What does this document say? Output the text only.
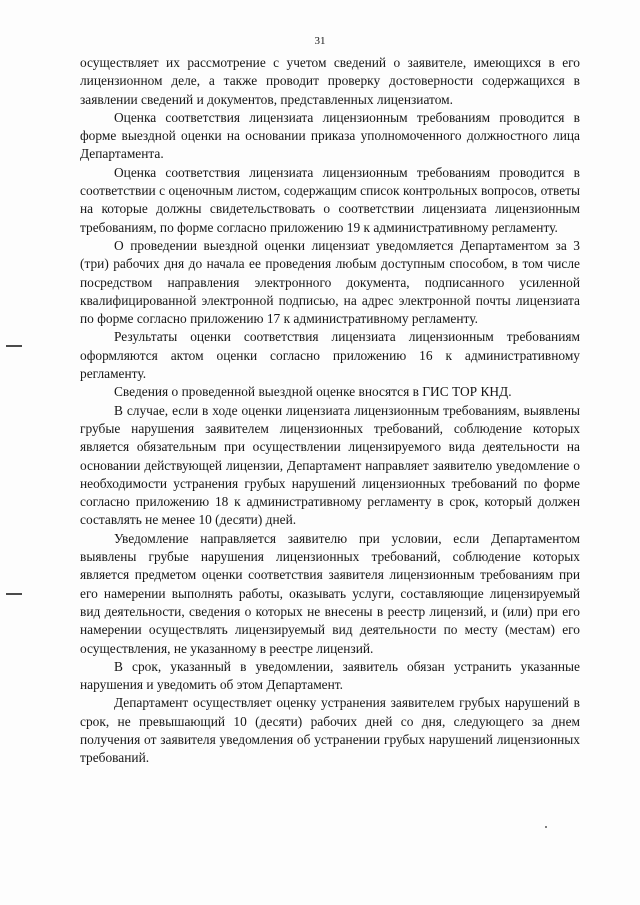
31

осуществляет их рассмотрение с учетом сведений о заявителе, имеющихся в его лицензионном деле, а также проводит проверку достоверности содержащихся в заявлении сведений и документов, представленных лицензиатом.

Оценка соответствия лицензиата лицензионным требованиям проводится в форме выездной оценки на основании приказа уполномоченного должностного лица Департамента.

Оценка соответствия лицензиата лицензионным требованиям проводится в соответствии с оценочным листом, содержащим список контрольных вопросов, ответы на которые должны свидетельствовать о соответствии лицензиата лицензионным требованиям, по форме согласно приложению 19 к административному регламенту.

О проведении выездной оценки лицензиат уведомляется Департаментом за 3 (три) рабочих дня до начала ее проведения любым доступным способом, в том числе посредством направления электронного документа, подписанного усиленной квалифицированной электронной подписью, на адрес электронной почты лицензиата по форме согласно приложению 17 к административному регламенту.

Результаты оценки соответствия лицензиата лицензионным требованиям оформляются актом оценки согласно приложению 16 к административному регламенту.

Сведения о проведенной выездной оценке вносятся в ГИС ТОР КНД.

В случае, если в ходе оценки лицензиата лицензионным требованиям, выявлены грубые нарушения заявителем лицензионных требований, соблюдение которых является обязательным при осуществлении лицензируемого вида деятельности на основании действующей лицензии, Департамент направляет заявителю уведомление о необходимости устранения грубых нарушений лицензионных требований по форме согласно приложению 18 к административному регламенту в срок, который должен составлять не менее 10 (десяти) дней.

Уведомление направляется заявителю при условии, если Департаментом выявлены грубые нарушения лицензионных требований, соблюдение которых является предметом оценки соответствия заявителя лицензионным требованиям при его намерении выполнять работы, оказывать услуги, составляющие лицензируемый вид деятельности, сведения о которых не внесены в реестр лицензий, и (или) при его намерении осуществлять лицензируемый вид деятельности по месту (местам) его осуществления, не указанному в реестре лицензий.

В срок, указанный в уведомлении, заявитель обязан устранить указанные нарушения и уведомить об этом Департамент.

Департамент осуществляет оценку устранения заявителем грубых нарушений в срок, не превышающий 10 (десяти) рабочих дней со дня, следующего за днем получения от заявителя уведомления об устранении грубых нарушений лицензионных требований.
